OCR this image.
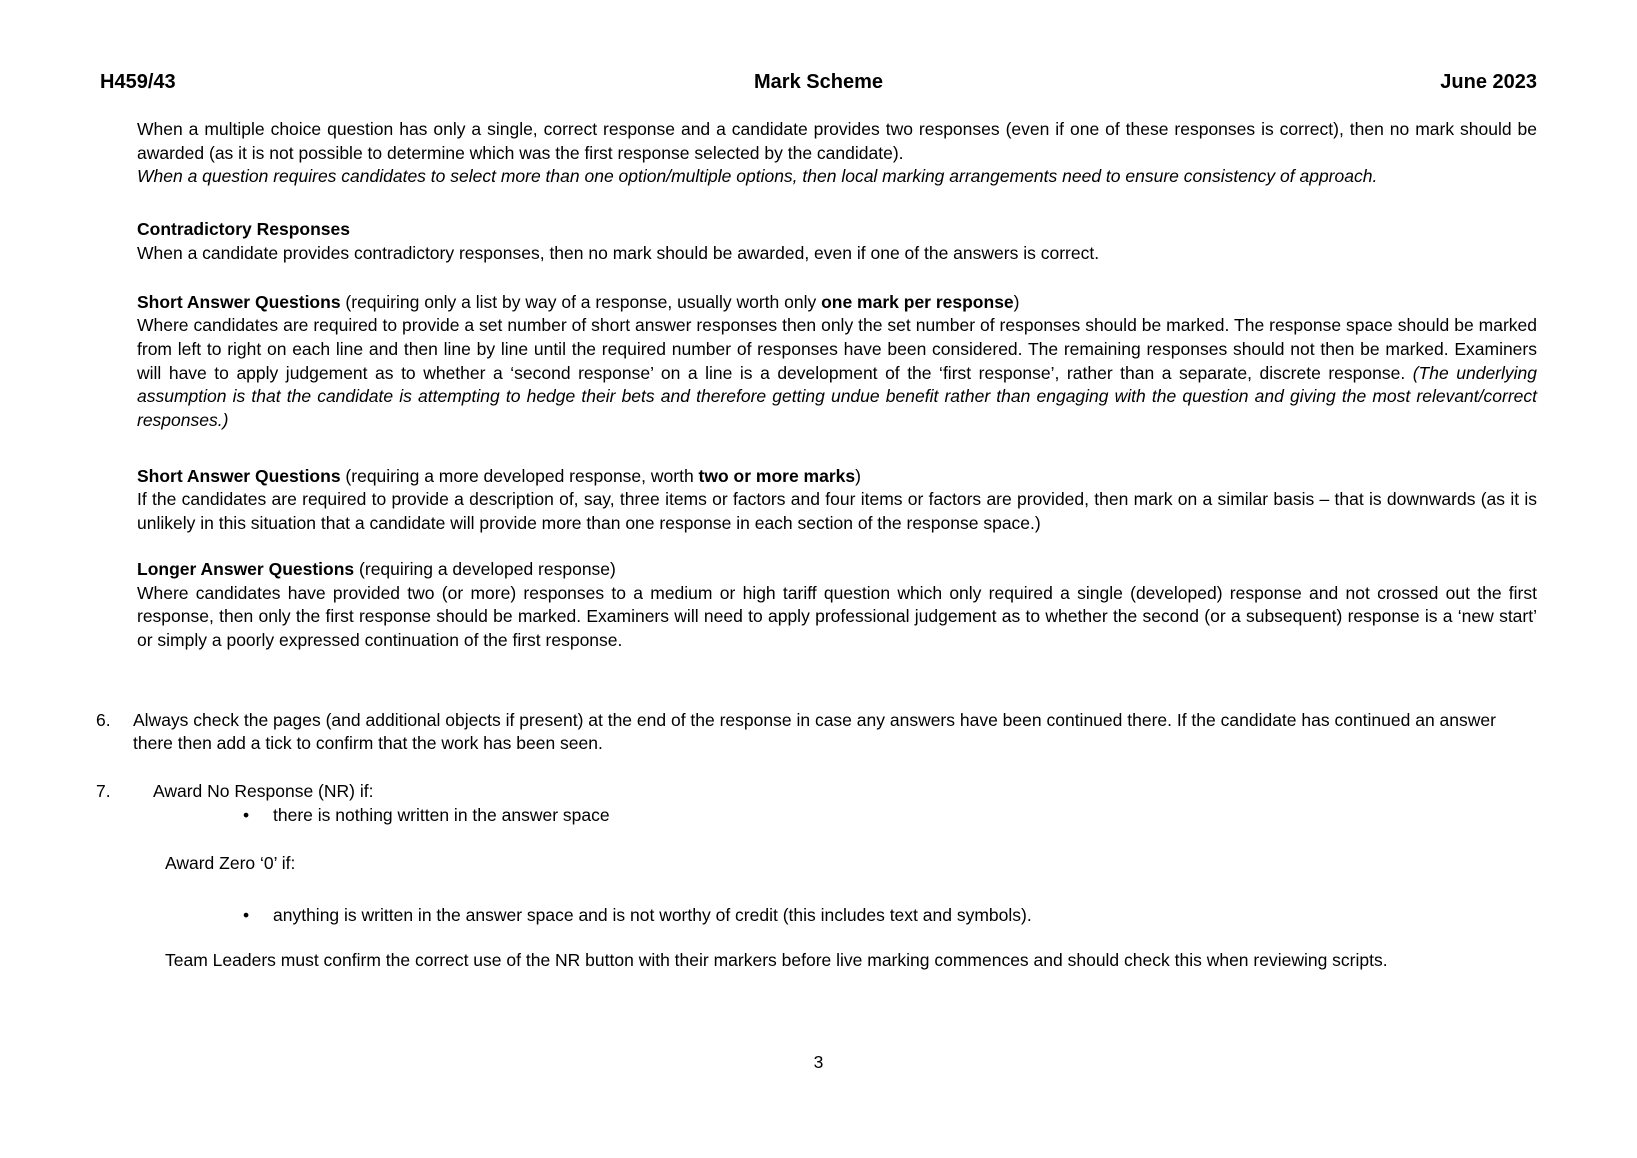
H459/43	Mark Scheme	June 2023
When a multiple choice question has only a single, correct response and a candidate provides two responses (even if one of these responses is correct), then no mark should be awarded (as it is not possible to determine which was the first response selected by the candidate).
When a question requires candidates to select more than one option/multiple options, then local marking arrangements need to ensure consistency of approach.
Contradictory Responses
When a candidate provides contradictory responses, then no mark should be awarded, even if one of the answers is correct.
Short Answer Questions (requiring only a list by way of a response, usually worth only one mark per response)
Where candidates are required to provide a set number of short answer responses then only the set number of responses should be marked. The response space should be marked from left to right on each line and then line by line until the required number of responses have been considered. The remaining responses should not then be marked. Examiners will have to apply judgement as to whether a ‘second response’ on a line is a development of the ‘first response’, rather than a separate, discrete response. (The underlying assumption is that the candidate is attempting to hedge their bets and therefore getting undue benefit rather than engaging with the question and giving the most relevant/correct responses.)
Short Answer Questions (requiring a more developed response, worth two or more marks)
If the candidates are required to provide a description of, say, three items or factors and four items or factors are provided, then mark on a similar basis – that is downwards (as it is unlikely in this situation that a candidate will provide more than one response in each section of the response space.)
Longer Answer Questions (requiring a developed response)
Where candidates have provided two (or more) responses to a medium or high tariff question which only required a single (developed) response and not crossed out the first response, then only the first response should be marked. Examiners will need to apply professional judgement as to whether the second (or a subsequent) response is a ‘new start’ or simply a poorly expressed continuation of the first response.
6.	Always check the pages (and additional objects if present) at the end of the response in case any answers have been continued there. If the candidate has continued an answer there then add a tick to confirm that the work has been seen.
7.	Award No Response (NR) if:
•	there is nothing written in the answer space
Award Zero ‘0’ if:
•	anything is written in the answer space and is not worthy of credit (this includes text and symbols).
Team Leaders must confirm the correct use of the NR button with their markers before live marking commences and should check this when reviewing scripts.
3
